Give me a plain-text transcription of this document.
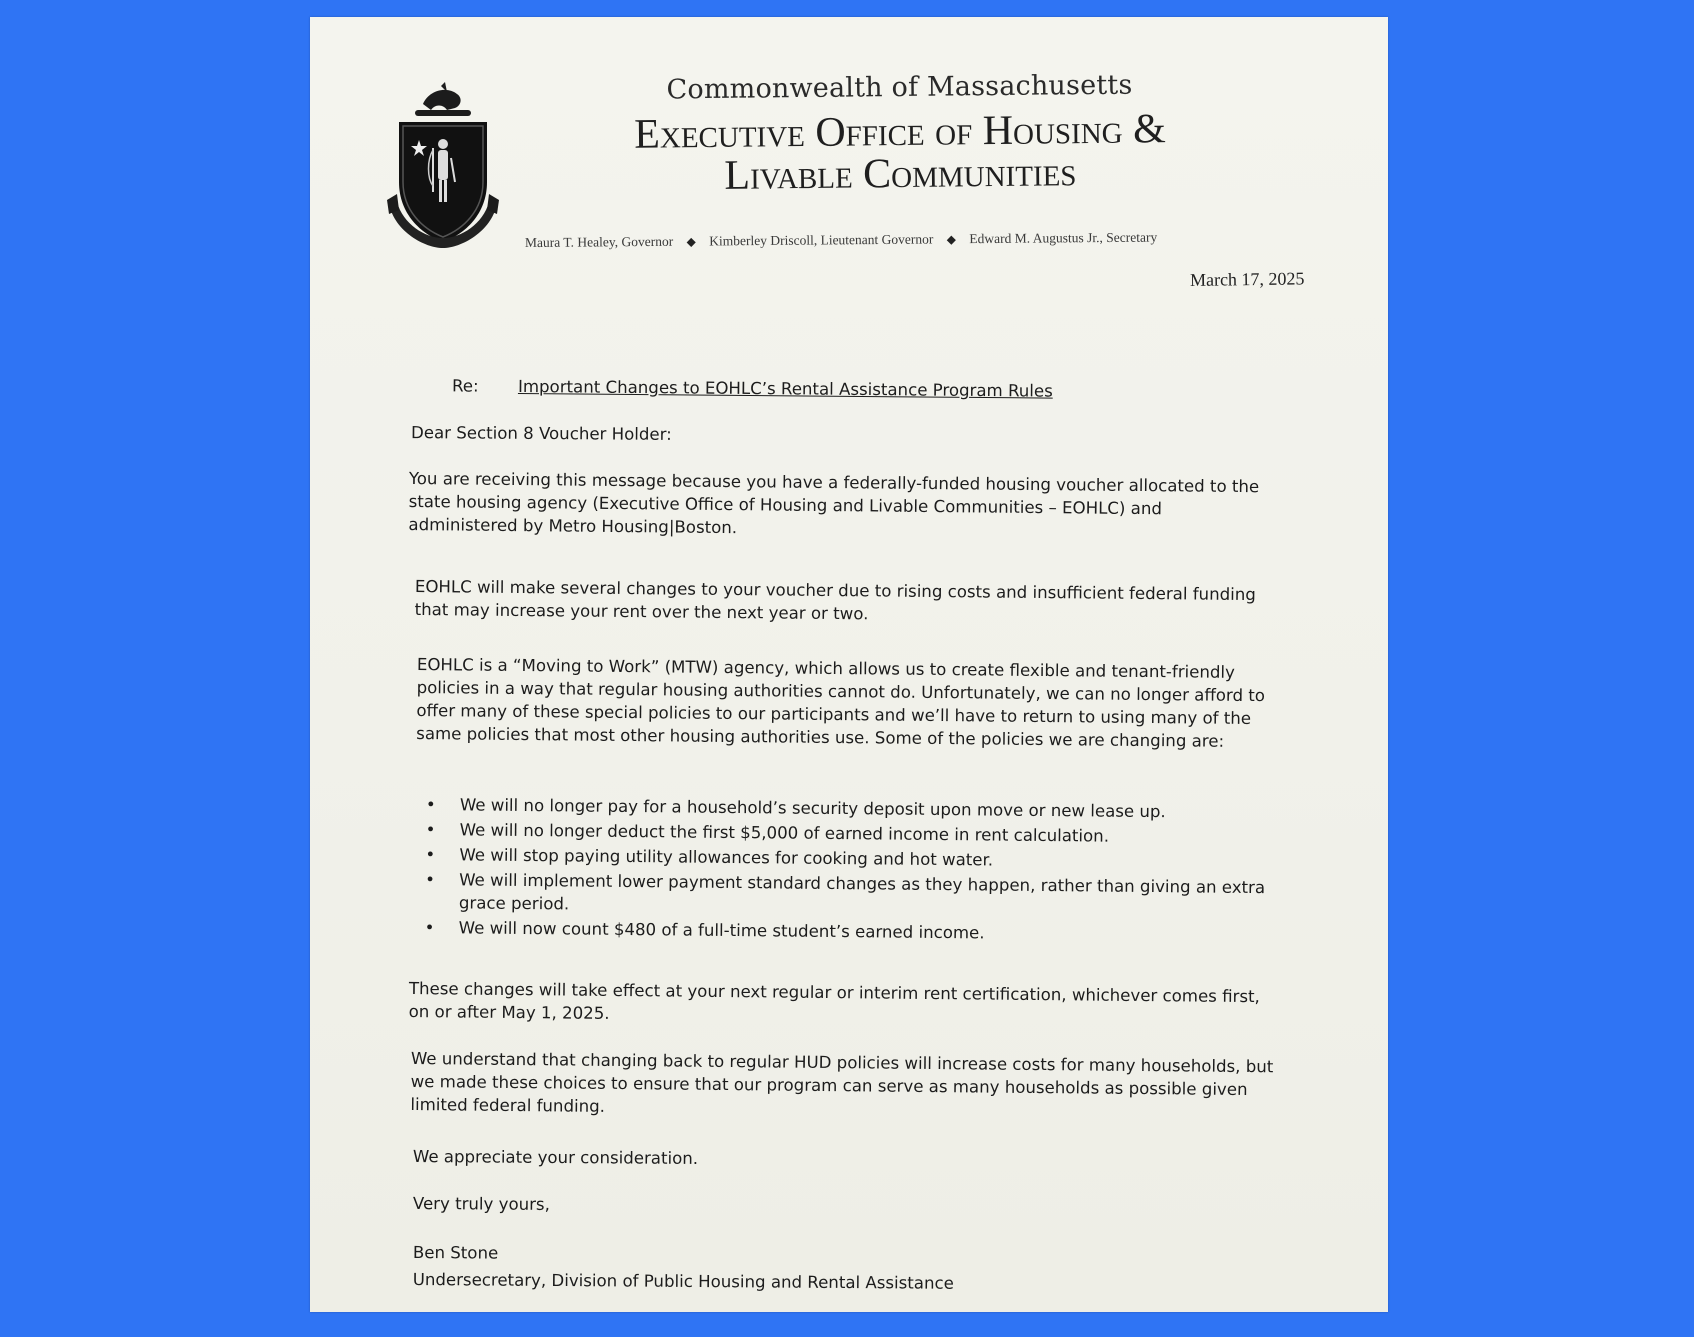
Commonwealth of Massachusetts

Executive Office of Housing &
Livable Communities

Maura T. Healey, Governor ◆ Kimberley Driscoll, Lieutenant Governor ◆ Edward M. Augustus Jr., Secretary
March 17, 2025
Re: Important Changes to EOHLC’s Rental Assistance Program Rules

Dear Section 8 Voucher Holder:

You are receiving this message because you have a federally-funded housing voucher allocated to the
state housing agency (Executive Office of Housing and Livable Communities – EOHLC) and
administered by Metro Housing|Boston.

EOHLC will make several changes to your voucher due to rising costs and insufficient federal funding
that may increase your rent over the next year or two.

EOHLC is a “Moving to Work” (MTW) agency, which allows us to create flexible and tenant-friendly
policies in a way that regular housing authorities cannot do. Unfortunately, we can no longer afford to
offer many of these special policies to our participants and we’ll have to return to using many of the
same policies that most other housing authorities use. Some of the policies we are changing are:

• We will no longer pay for a household’s security deposit upon move or new lease up.
• We will no longer deduct the first $5,000 of earned income in rent calculation.
• We will stop paying utility allowances for cooking and hot water.
• We will implement lower payment standard changes as they happen, rather than giving an extra
grace period.
• We will now count $480 of a full-time student’s earned income.

These changes will take effect at your next regular or interim rent certification, whichever comes first,
on or after May 1, 2025.

We understand that changing back to regular HUD policies will increase costs for many households, but
we made these choices to ensure that our program can serve as many households as possible given
limited federal funding.

We appreciate your consideration.

Very truly yours,

Ben Stone
Undersecretary, Division of Public Housing and Rental Assistance
